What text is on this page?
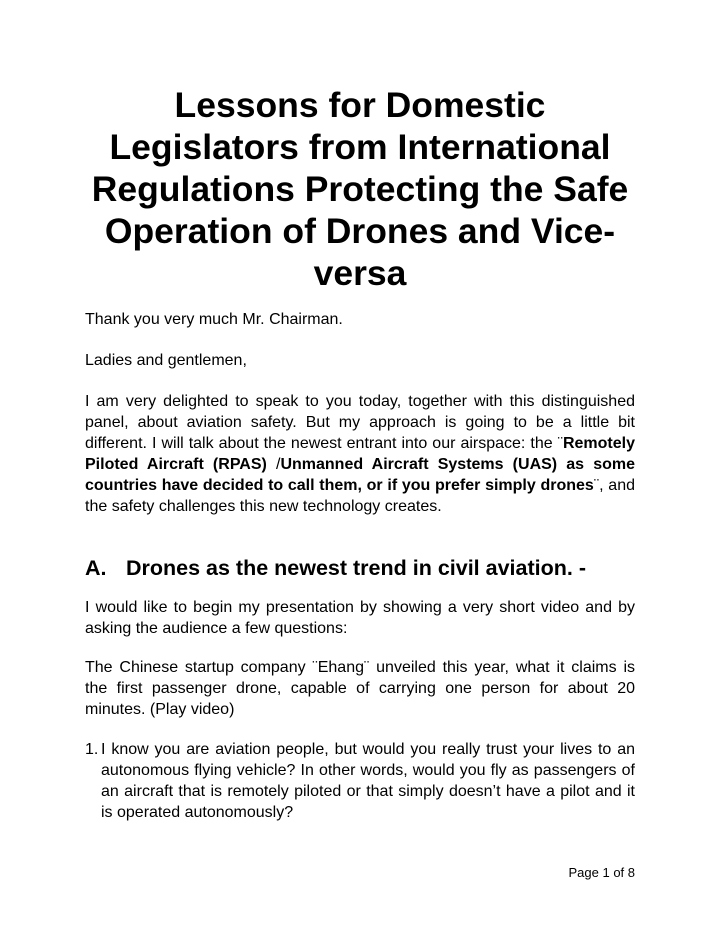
Lessons for Domestic Legislators from International Regulations Protecting the Safe Operation of Drones and Vice-versa

Thank you very much Mr. Chairman.

Ladies and gentlemen,

I am very delighted to speak to you today, together with this distinguished panel, about aviation safety. But my approach is going to be a little bit different. I will talk about the newest entrant into our airspace: the ¨Remotely Piloted Aircraft (RPAS) /Unmanned Aircraft Systems (UAS) as some countries have decided to call them, or if you prefer simply drones¨, and the safety challenges this new technology creates.

A. Drones as the newest trend in civil aviation. -

I would like to begin my presentation by showing a very short video and by asking the audience a few questions:

The Chinese startup company ¨Ehang¨ unveiled this year, what it claims is the first passenger drone, capable of carrying one person for about 20 minutes. (Play video)

1. I know you are aviation people, but would you really trust your lives to an autonomous flying vehicle? In other words, would you fly as passengers of an aircraft that is remotely piloted or that simply doesn’t have a pilot and it is operated autonomously?

Page 1 of 8
